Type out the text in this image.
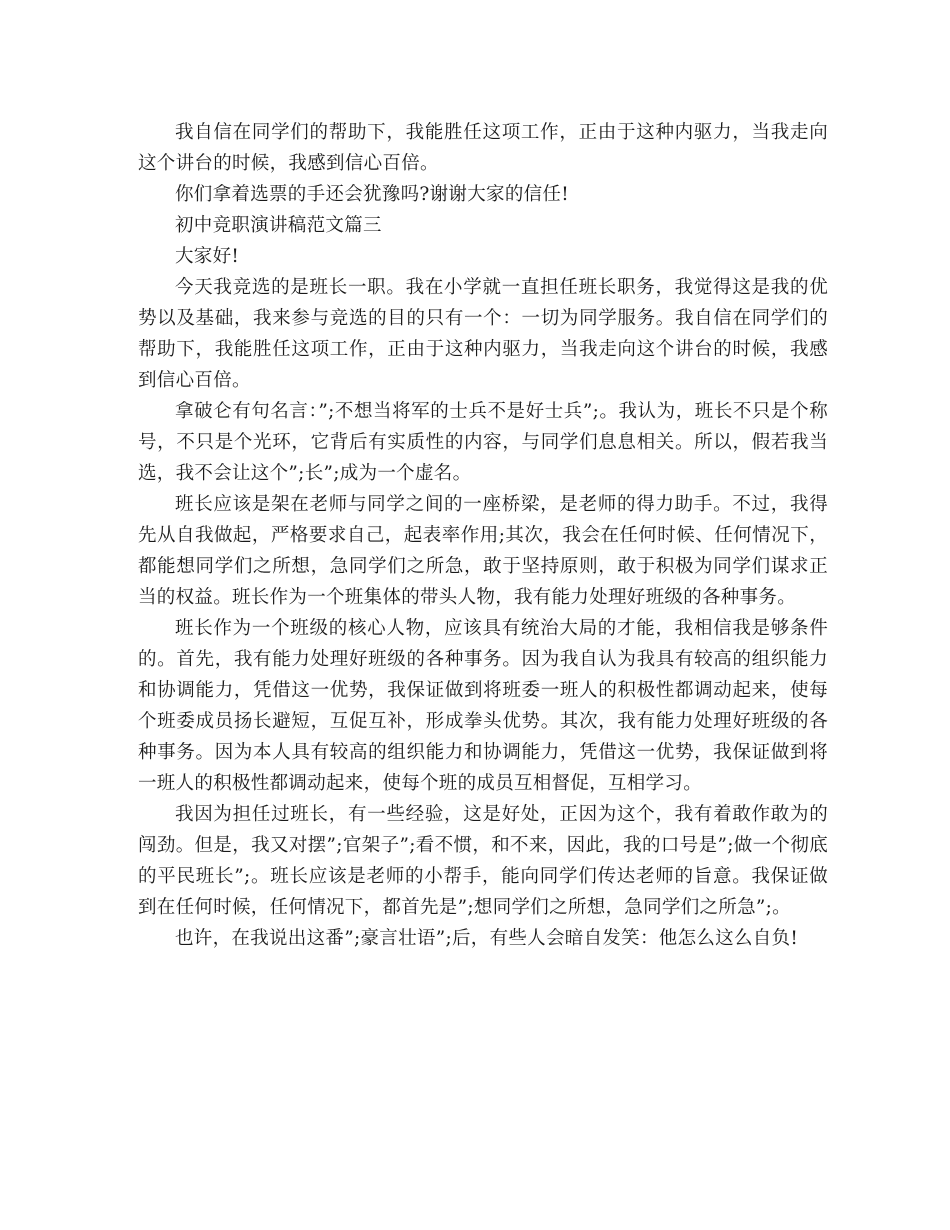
我自信在同学们的帮助下，我能胜任这项工作，正由于这种内驱力，当我走向这个讲台的时候，我感到信心百倍。

你们拿着选票的手还会犹豫吗?谢谢大家的信任!

初中竞职演讲稿范文篇三

大家好!

今天我竞选的是班长一职。我在小学就一直担任班长职务，我觉得这是我的优势以及基础，我来参与竞选的目的只有一个：一切为同学服务。我自信在同学们的帮助下，我能胜任这项工作，正由于这种内驱力，当我走向这个讲台的时候，我感到信心百倍。

拿破仑有句名言：”;不想当将军的士兵不是好士兵”;。我认为，班长不只是个称号，不只是个光环，它背后有实质性的内容，与同学们息息相关。所以，假若我当选，我不会让这个”;长”;成为一个虚名。

班长应该是架在老师与同学之间的一座桥梁，是老师的得力助手。不过，我得先从自我做起，严格要求自己，起表率作用;其次，我会在任何时候、任何情况下，都能想同学们之所想，急同学们之所急，敢于坚持原则，敢于积极为同学们谋求正当的权益。班长作为一个班集体的带头人物，我有能力处理好班级的各种事务。

班长作为一个班级的核心人物，应该具有统治大局的才能，我相信我是够条件的。首先，我有能力处理好班级的各种事务。因为我自认为我具有较高的组织能力和协调能力，凭借这一优势，我保证做到将班委一班人的积极性都调动起来，使每个班委成员扬长避短，互促互补，形成拳头优势。其次，我有能力处理好班级的各种事务。因为本人具有较高的组织能力和协调能力，凭借这一优势，我保证做到将一班人的积极性都调动起来，使每个班的成员互相督促，互相学习。

我因为担任过班长，有一些经验，这是好处，正因为这个，我有着敢作敢为的闯劲。但是，我又对摆”;官架子”;看不惯，和不来，因此，我的口号是”;做一个彻底的平民班长”;。班长应该是老师的小帮手，能向同学们传达老师的旨意。我保证做到在任何时候，任何情况下，都首先是”;想同学们之所想，急同学们之所急”;。

也许，在我说出这番”;豪言壮语”;后，有些人会暗自发笑：他怎么这么自负!
